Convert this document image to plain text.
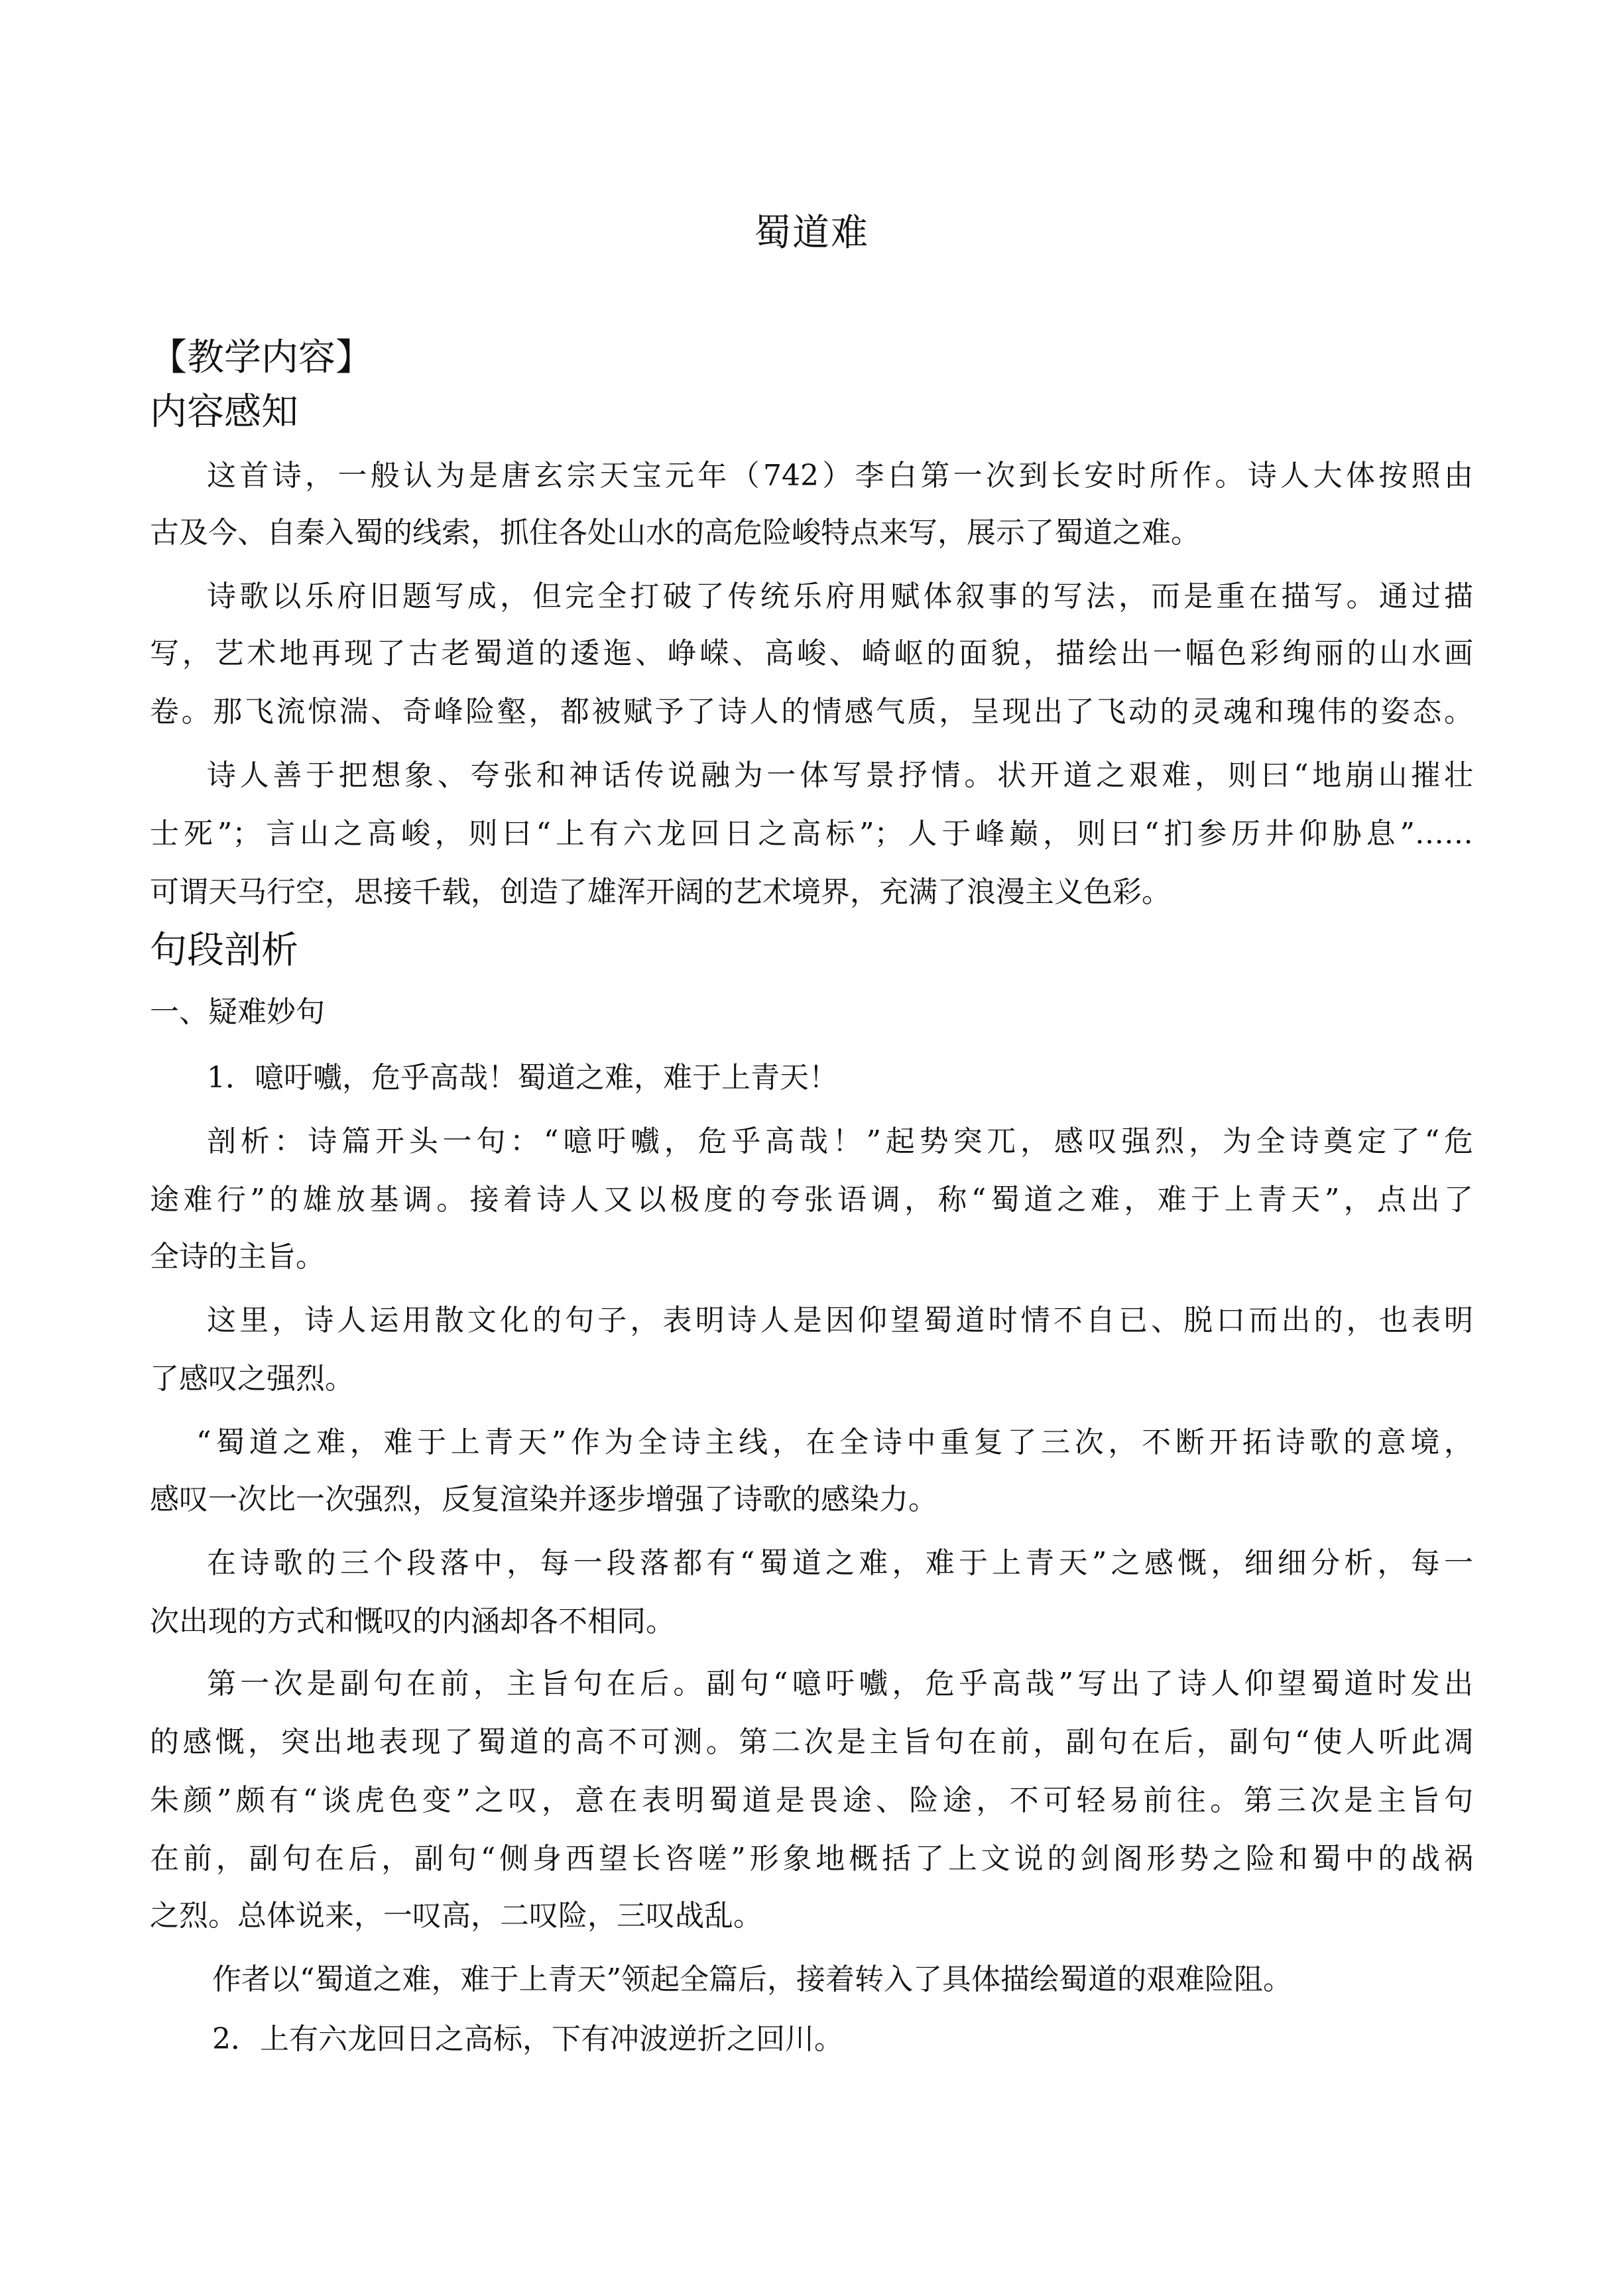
蜀道难
【教学内容】
内容感知
这首诗，一般认为是唐玄宗天宝元年（742）李白第一次到长安时所作。诗人大体按照由
古及今、自秦入蜀的线索，抓住各处山水的高危险峻特点来写，展示了蜀道之难。
诗歌以乐府旧题写成，但完全打破了传统乐府用赋体叙事的写法，而是重在描写。通过描
写，艺术地再现了古老蜀道的逶迤、峥嵘、高峻、崎岖的面貌，描绘出一幅色彩绚丽的山水画
卷。那飞流惊湍、奇峰险壑，都被赋予了诗人的情感气质，呈现出了飞动的灵魂和瑰伟的姿态。
诗人善于把想象、夸张和神话传说融为一体写景抒情。状开道之艰难，则曰“地崩山摧壮
士死”；言山之高峻，则曰“上有六龙回日之高标”；人于峰巅，则曰“扪参历井仰胁息”……
可谓天马行空，思接千载，创造了雄浑开阔的艺术境界，充满了浪漫主义色彩。
句段剖析
一、疑难妙句
1．噫吁嚱，危乎高哉！蜀道之难，难于上青天！
剖析：诗篇开头一句：“噫吁嚱，危乎高哉！”起势突兀，感叹强烈，为全诗奠定了“危
途难行”的雄放基调。接着诗人又以极度的夸张语调，称“蜀道之难，难于上青天”，点出了
全诗的主旨。
这里，诗人运用散文化的句子，表明诗人是因仰望蜀道时情不自已、脱口而出的，也表明
了感叹之强烈。
“蜀道之难，难于上青天”作为全诗主线，在全诗中重复了三次，不断开拓诗歌的意境，
感叹一次比一次强烈，反复渲染并逐步增强了诗歌的感染力。
在诗歌的三个段落中，每一段落都有“蜀道之难，难于上青天”之感慨，细细分析，每一
次出现的方式和慨叹的内涵却各不相同。
第一次是副句在前，主旨句在后。副句“噫吁嚱，危乎高哉”写出了诗人仰望蜀道时发出
的感慨，突出地表现了蜀道的高不可测。第二次是主旨句在前，副句在后，副句“使人听此凋
朱颜”颇有“谈虎色变”之叹，意在表明蜀道是畏途、险途，不可轻易前往。第三次是主旨句
在前，副句在后，副句“侧身西望长咨嗟”形象地概括了上文说的剑阁形势之险和蜀中的战祸
之烈。总体说来，一叹高，二叹险，三叹战乱。
作者以“蜀道之难，难于上青天”领起全篇后，接着转入了具体描绘蜀道的艰难险阻。
2．上有六龙回日之高标，下有冲波逆折之回川。
